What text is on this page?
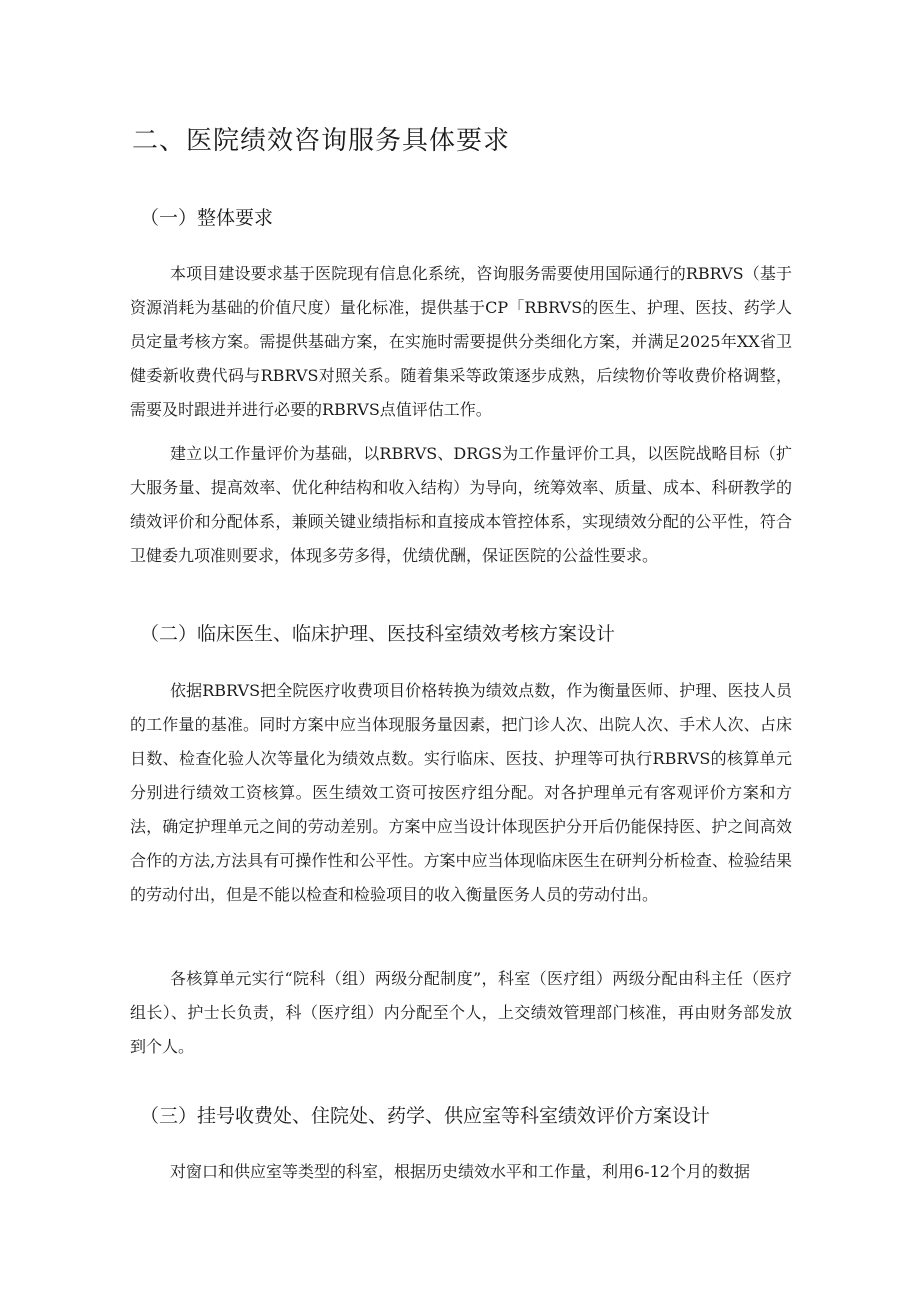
二、医院绩效咨询服务具体要求
（一）整体要求

本项目建设要求基于医院现有信息化系统，咨询服务需要使用国际通行的RBRVS（基于资源消耗为基础的价值尺度）量化标准，提供基于CP「RBRVS的医生、护理、医技、药学人员定量考核方案。需提供基础方案，在实施时需要提供分类细化方案，并满足2025年XX省卫健委新收费代码与RBRVS对照关系。随着集采等政策逐步成熟，后续物价等收费价格调整，需要及时跟进并进行必要的RBRVS点值评估工作。

建立以工作量评价为基础，以RBRVS、DRGS为工作量评价工具，以医院战略目标（扩大服务量、提高效率、优化种结构和收入结构）为导向，统筹效率、质量、成本、科研教学的绩效评价和分配体系，兼顾关键业绩指标和直接成本管控体系，实现绩效分配的公平性，符合卫健委九项准则要求，体现多劳多得，优绩优酬，保证医院的公益性要求。

（二）临床医生、临床护理、医技科室绩效考核方案设计

依据RBRVS把全院医疗收费项目价格转换为绩效点数，作为衡量医师、护理、医技人员的工作量的基准。同时方案中应当体现服务量因素，把门诊人次、出院人次、手术人次、占床日数、检查化验人次等量化为绩效点数。实行临床、医技、护理等可执行RBRVS的核算单元分别进行绩效工资核算。医生绩效工资可按医疗组分配。对各护理单元有客观评价方案和方法，确定护理单元之间的劳动差别。方案中应当设计体现医护分开后仍能保持医、护之间高效合作的方法,方法具有可操作性和公平性。方案中应当体现临床医生在研判分析检查、检验结果的劳动付出，但是不能以检查和检验项目的收入衡量医务人员的劳动付出。

各核算单元实行“院科（组）两级分配制度”，科室（医疗组）两级分配由科主任（医疗组长）、护士长负责，科（医疗组）内分配至个人，上交绩效管理部门核准，再由财务部发放到个人。

（三）挂号收费处、住院处、药学、供应室等科室绩效评价方案设计

对窗口和供应室等类型的科室，根据历史绩效水平和工作量，利用6-12个月的数据
